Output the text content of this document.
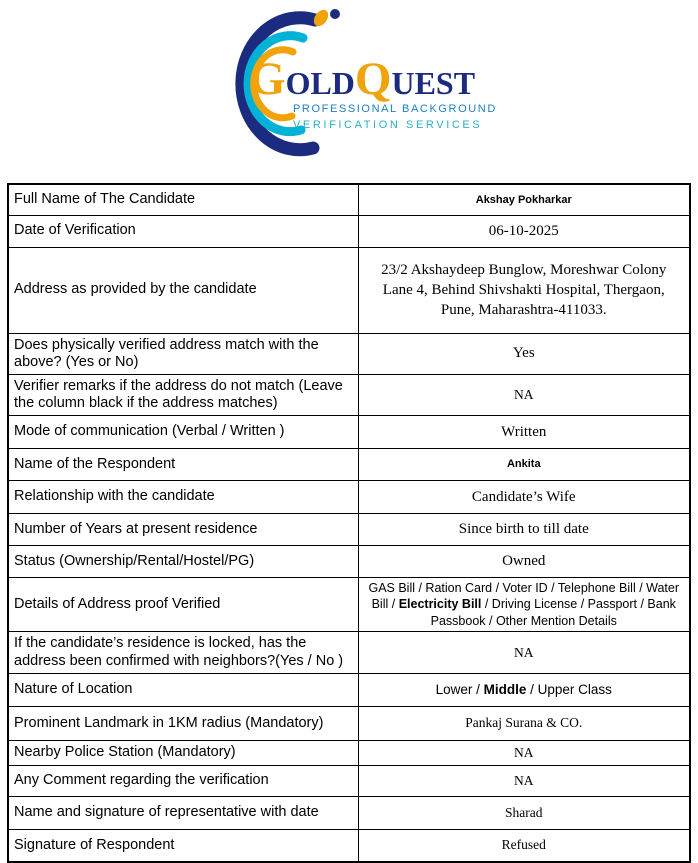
GOLDQUEST
PROFESSIONAL BACKGROUND
VERIFICATION SERVICES
Full Name of The Candidate	Akshay Pokharkar
Date of Verification	06-10-2025
Address as provided by the candidate	23/2 Akshaydeep Bunglow, Moreshwar Colony Lane 4, Behind Shivshakti Hospital, Thergaon, Pune, Maharashtra-411033.
Does physically verified address match with the above? (Yes or No)	Yes
Verifier remarks if the address do not match (Leave the column black if the address matches)	NA
Mode of communication (Verbal / Written )	Written
Name of the Respondent	Ankita
Relationship with the candidate	Candidate’s Wife
Number of Years at present residence	Since birth to till date
Status (Ownership/Rental/Hostel/PG)	Owned
Details of Address proof Verified	GAS Bill / Ration Card / Voter ID / Telephone Bill / Water Bill / Electricity Bill / Driving License / Passport / Bank Passbook / Other Mention Details
If the candidate’s residence is locked, has the address been confirmed with neighbors?(Yes / No )	NA
Nature of Location	Lower / Middle / Upper Class
Prominent Landmark in 1KM radius (Mandatory)	Pankaj Surana & CO.
Nearby Police Station (Mandatory)	NA
Any Comment regarding the verification	NA
Name and signature of representative with date	Sharad
Signature of Respondent	Refused
